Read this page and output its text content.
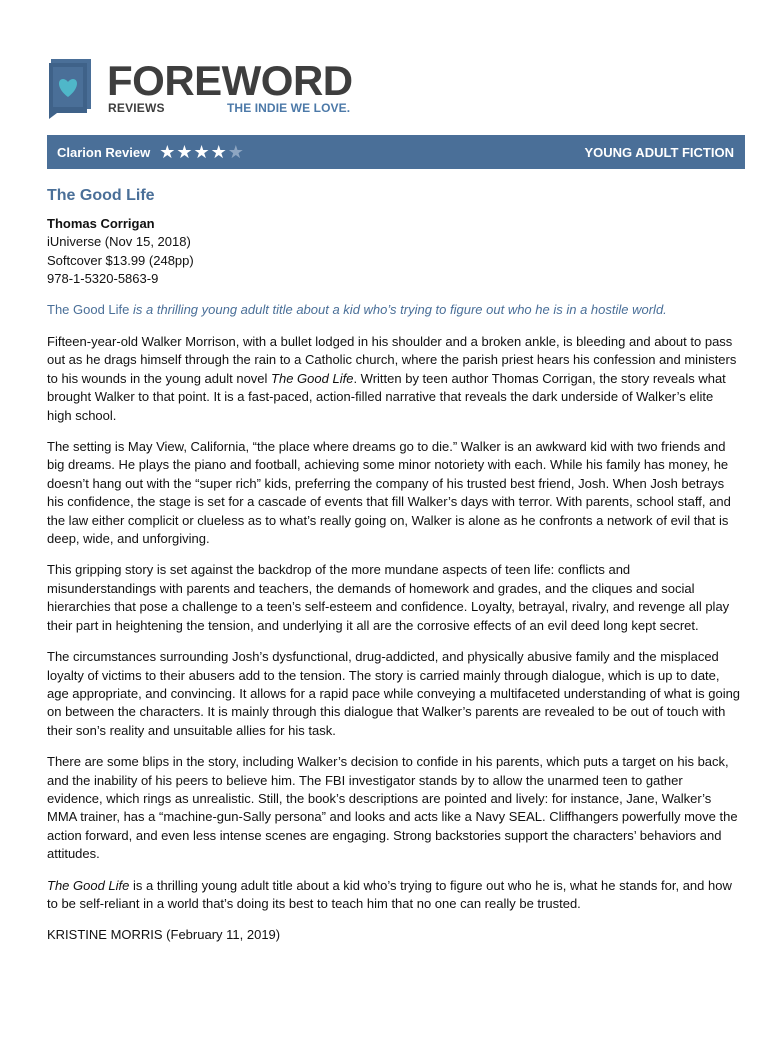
FOREWORD
REVIEWS	THE INDIE WE LOVE.
Clarion Review ★★★★★	YOUNG ADULT FICTION
The Good Life
Thomas Corrigan
iUniverse (Nov 15, 2018)
Softcover $13.99 (248pp)
978-1-5320-5863-9
The Good Life is a thrilling young adult title about a kid who’s trying to figure out who he is in a hostile world.

Fifteen-year-old Walker Morrison, with a bullet lodged in his shoulder and a broken ankle, is bleeding and about to pass out as he drags himself through the rain to a Catholic church, where the parish priest hears his confession and ministers to his wounds in the young adult novel The Good Life. Written by teen author Thomas Corrigan, the story reveals what brought Walker to that point. It is a fast-paced, action-filled narrative that reveals the dark underside of Walker’s elite high school.

The setting is May View, California, “the place where dreams go to die.” Walker is an awkward kid with two friends and big dreams. He plays the piano and football, achieving some minor notoriety with each. While his family has money, he doesn’t hang out with the “super rich” kids, preferring the company of his trusted best friend, Josh. When Josh betrays his confidence, the stage is set for a cascade of events that fill Walker’s days with terror. With parents, school staff, and the law either complicit or clueless as to what’s really going on, Walker is alone as he confronts a network of evil that is deep, wide, and unforgiving.

This gripping story is set against the backdrop of the more mundane aspects of teen life: conflicts and misunderstandings with parents and teachers, the demands of homework and grades, and the cliques and social hierarchies that pose a challenge to a teen’s self-esteem and confidence. Loyalty, betrayal, rivalry, and revenge all play their part in heightening the tension, and underlying it all are the corrosive effects of an evil deed long kept secret.

The circumstances surrounding Josh’s dysfunctional, drug-addicted, and physically abusive family and the misplaced loyalty of victims to their abusers add to the tension. The story is carried mainly through dialogue, which is up to date, age appropriate, and convincing. It allows for a rapid pace while conveying a multifaceted understanding of what is going on between the characters. It is mainly through this dialogue that Walker’s parents are revealed to be out of touch with their son’s reality and unsuitable allies for his task.

There are some blips in the story, including Walker’s decision to confide in his parents, which puts a target on his back, and the inability of his peers to believe him. The FBI investigator stands by to allow the unarmed teen to gather evidence, which rings as unrealistic. Still, the book’s descriptions are pointed and lively: for instance, Jane, Walker’s MMA trainer, has a “machine-gun-Sally persona” and looks and acts like a Navy SEAL. Cliffhangers powerfully move the action forward, and even less intense scenes are engaging. Strong backstories support the characters’ behaviors and attitudes.

The Good Life is a thrilling young adult title about a kid who’s trying to figure out who he is, what he stands for, and how to be self-reliant in a world that’s doing its best to teach him that no one can really be trusted.

KRISTINE MORRIS (February 11, 2019)
